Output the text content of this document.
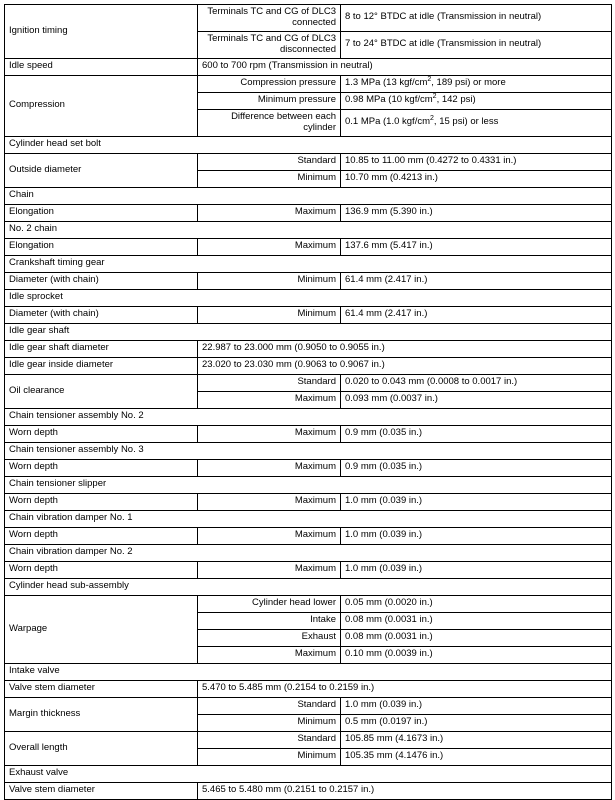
Ignition timing	Terminals TC and CG of DLC3 connected	8 to 12° BTDC at idle (Transmission in neutral)
	Terminals TC and CG of DLC3 disconnected	7 to 24° BTDC at idle (Transmission in neutral)
Idle speed	600 to 700 rpm (Transmission in neutral)	
Compression	Compression pressure	1.3 MPa (13 kgf/$cm^2$, 189 psi) or more
	Minimum pressure	0.98 MPa (10 kgf/$cm^2$, 142 psi)
	Difference between each cylinder	0.1 MPa (1.0 kgf/$cm^2$, 15 psi) or less
Cylinder head set bolt		
Outside diameter	Standard	10.85 to 11.00 mm (0.4272 to 0.4331 in.)
	Minimum	10.70 mm (0.4213 in.)
Chain		
Elongation	Maximum	136.9 mm (5.390 in.)
No. 2 chain		
Elongation	Maximum	137.6 mm (5.417 in.)
Crankshaft timing gear		
Diameter (with chain)	Minimum	61.4 mm (2.417 in.)
Idle sprocket		
Diameter (with chain)	Minimum	61.4 mm (2.417 in.)
Idle gear shaft		
Idle gear shaft diameter	22.987 to 23.000 mm (0.9050 to 0.9055 in.)	
Idle gear inside diameter	23.020 to 23.030 mm (0.9063 to 0.9067 in.)	
Oil clearance	Standard	0.020 to 0.043 mm (0.0008 to 0.0017 in.)
	Maximum	0.093 mm (0.0037 in.)
Chain tensioner assembly No. 2		
Worn depth	Maximum	0.9 mm (0.035 in.)
Chain tensioner assembly No. 3		
Worn depth	Maximum	0.9 mm (0.035 in.)
Chain tensioner slipper		
Worn depth	Maximum	1.0 mm (0.039 in.)
Chain vibration damper No. 1		
Worn depth	Maximum	1.0 mm (0.039 in.)
Chain vibration damper No. 2		
Worn depth	Maximum	1.0 mm (0.039 in.)
Cylinder head sub-assembly		
Warpage	Cylinder head lower	0.05 mm (0.0020 in.)
	Intake	0.08 mm (0.0031 in.)
	Exhaust	0.08 mm (0.0031 in.)
	Maximum	0.10 mm (0.0039 in.)
Intake valve		
Valve stem diameter	5.470 to 5.485 mm (0.2154 to 0.2159 in.)	
Margin thickness	Standard	1.0 mm (0.039 in.)
	Minimum	0.5 mm (0.0197 in.)
Overall length	Standard	105.85 mm (4.1673 in.)
	Minimum	105.35 mm (4.1476 in.)
Exhaust valve		
Valve stem diameter	5.465 to 5.480 mm (0.2151 to 0.2157 in.)	
